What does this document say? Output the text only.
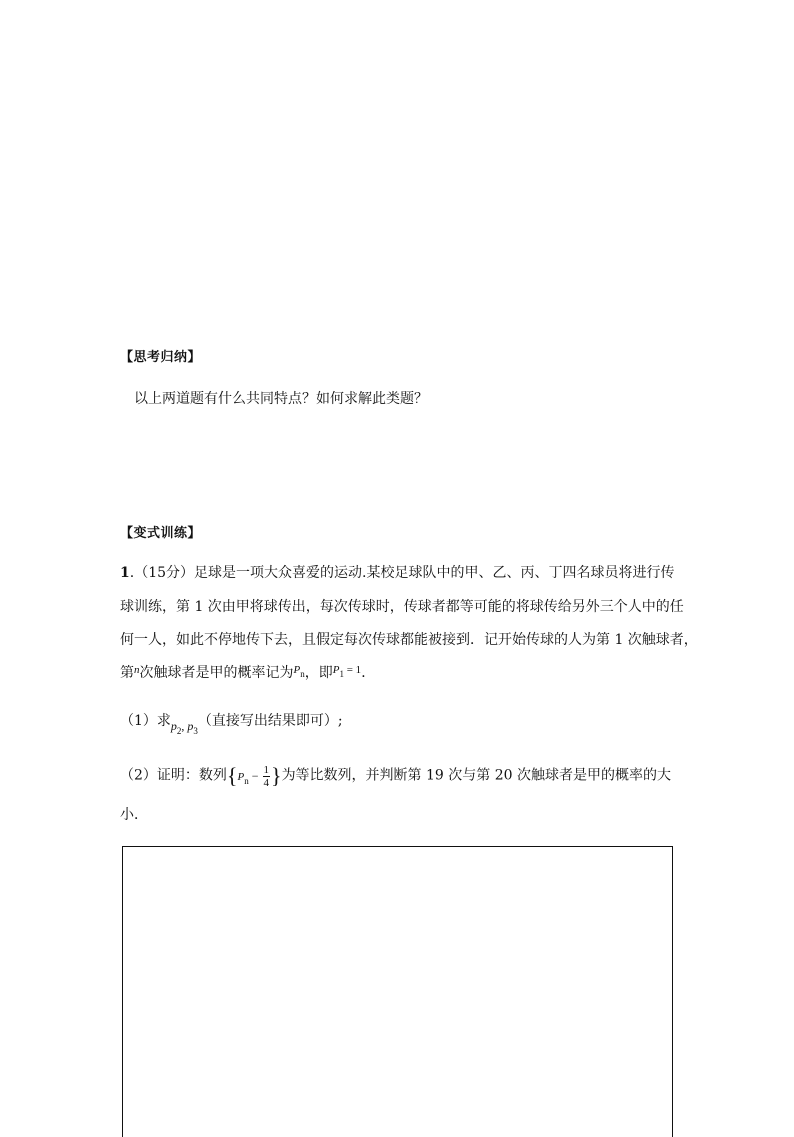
【思考归纳】
以上两道题有什么共同特点？如何求解此类题？
【变式训练】
1.（15分）足球是一项大众喜爱的运动.某校足球队中的甲、乙、丙、丁四名球员将进行传
球训练，第 1 次由甲将球传出，每次传球时，传球者都等可能的将球传给另外三个人中的任
何一人，如此不停地传下去，且假定每次传球都能被接到．记开始传球的人为第 1 次触球者，
第$^n$次触球者是甲的概率记为$^{P_n}$，即$^{P_1 = 1}$．
（1）求$p_2$, $p_3$（直接写出结果即可）;
（2）证明：数列{$P_n - \frac{1}{4}$ }为等比数列，并判断第 19 次与第 20 次触球者是甲的概率的大
小．
